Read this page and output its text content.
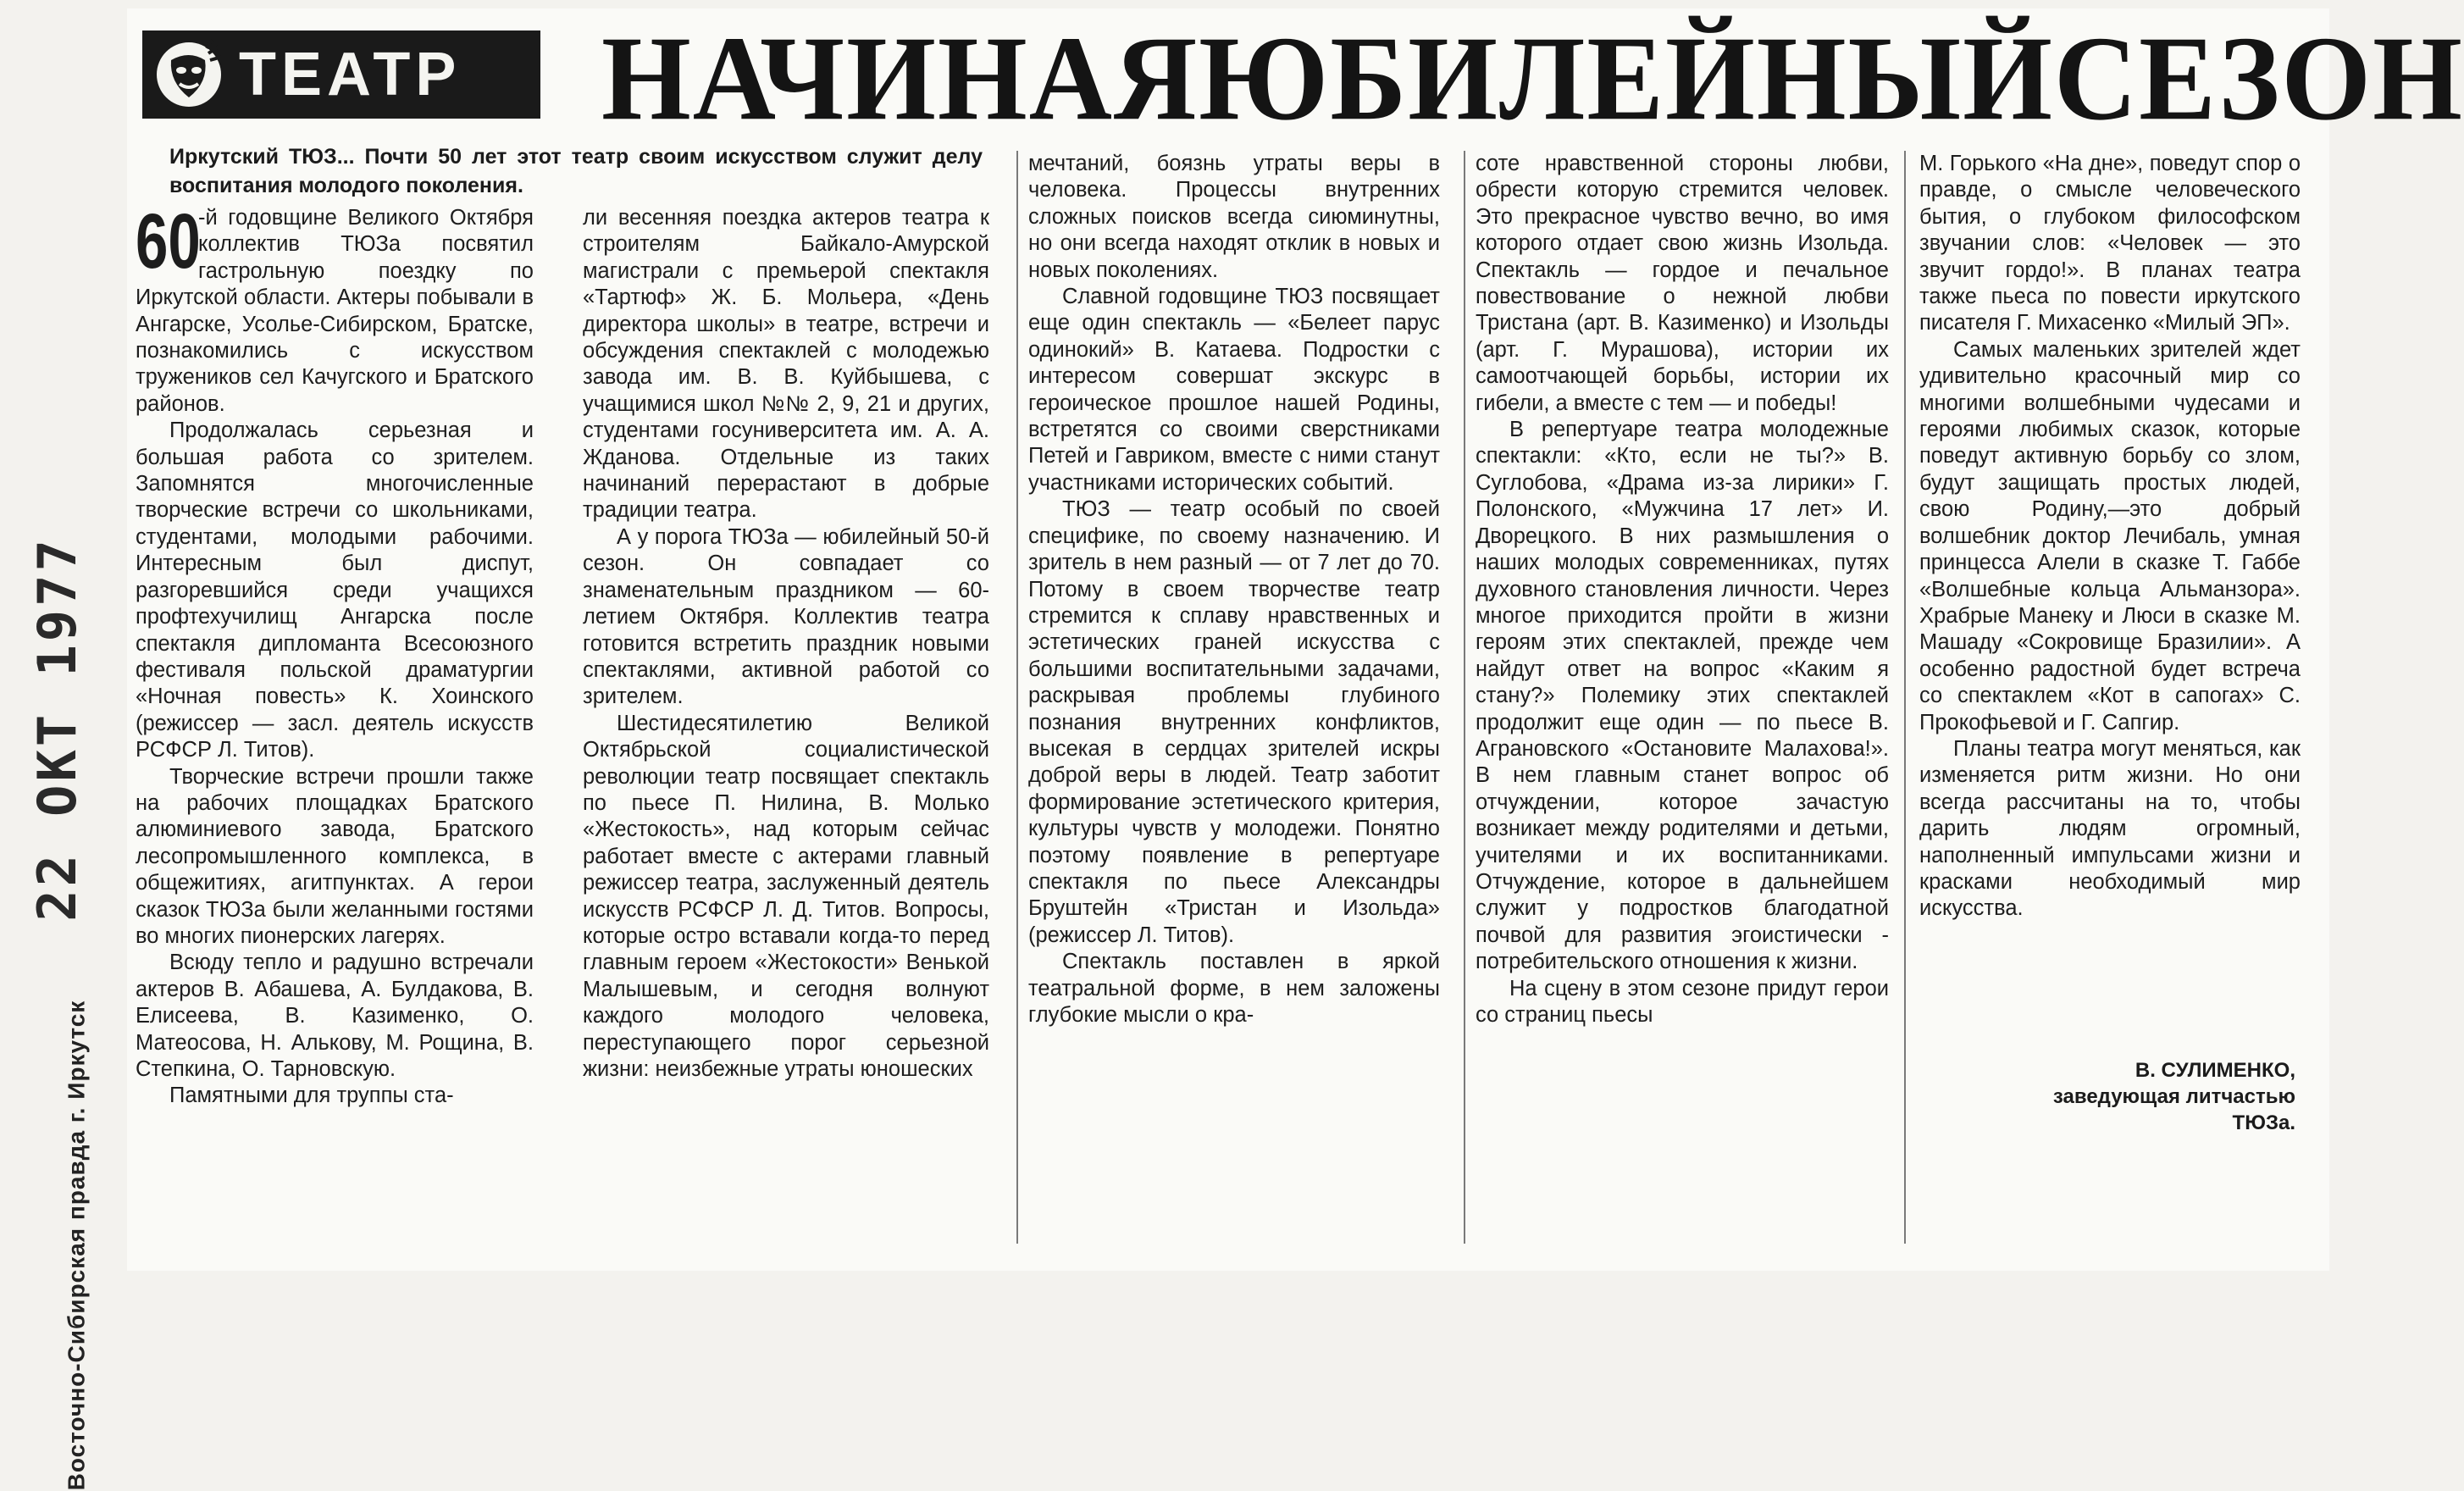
ТЕАТР НАЧИНАЯ ЮБИЛЕЙНЫЙ СЕЗОН

Иркутский ТЮЗ... Почти 50 лет этот театр своим искусством служит делу воспитания молодого поколения.

60

-й годовщине Великого Октября коллектив ТЮЗа посвятил гастрольную поездку по Иркутской области. Актеры побывали в Ангарске, Усолье-Сибирском, Братске, познакомились с искусством тружеников сел Качугского и Братского районов.

Продолжалась серьезная и большая работа со зрителем. Запомнятся многочисленные творческие встречи со школьниками, студентами, молодыми рабочими. Интересным был диспут, разгоревшийся среди учащихся профтехучилищ Ангарска после спектакля дипломанта Всесоюзного фестиваля польской драматургии «Ночная повесть» К. Хоинского (режиссер — засл. деятель искусств РСФСР Л. Титов).

Творческие встречи прошли также на рабочих площадках Братского алюминиевого завода, Братского лесопромышленного комплекса, в общежитиях, агитпунктах. А герои сказок ТЮЗа были желанными гостями во многих пионерских лагерях.

Всюду тепло и радушно встречали актеров В. Абашева, А. Булдакова, В. Елисеева, В. Казименко, О. Матеосова, Н. Алькову, М. Рощина, В. Степкина, О. Тарновскую.

Памятными для труппы ста-

ли весенняя поездка актеров театра к строителям Байкало-Амурской магистрали с премьерой спектакля «Тартюф» Ж. Б. Мольера, «День директора школы» в театре, встречи и обсуждения спектаклей с молодежью завода им. В. В. Куйбышева, с учащимися школ №№ 2, 9, 21 и других, студентами госуниверситета им. А. А. Жданова. Отдельные из таких начинаний перерастают в добрые традиции театра.

А у порога ТЮЗа — юбилейный 50-й сезон. Он совпадает со знаменательным праздником — 60-летием Октября. Коллектив театра готовится встретить праздник новыми спектаклями, активной работой со зрителем.

Шестидесятилетию Великой Октябрьской социалистической революции театр посвящает спектакль по пьесе П. Нилина, В. Молько «Жестокость», над которым сейчас работает вместе с актерами главный режиссер театра, заслуженный деятель искусств РСФСР Л. Д. Титов. Вопросы, которые остро вставали когда-то перед главным героем «Жестокости» Венькой Малышевым, и сегодня волнуют каждого молодого человека, переступающего порог серьезной жизни: неизбежные утраты юношеских

мечтаний, боязнь утраты веры в человека. Процессы внутренних сложных поисков всегда сиюминутны, но они всегда находят отклик в новых и новых поколениях.

Славной годовщине ТЮЗ посвящает еще один спектакль — «Белеет парус одинокий» В. Катаева. Подростки с интересом совершат экскурс в героическое прошлое нашей Родины, встретятся со своими сверстниками Петей и Гавриком, вместе с ними станут участниками исторических событий.

ТЮЗ — театр особый по своей специфике, по своему назначению. И зритель в нем разный — от 7 лет до 70. Потому в своем творчестве театр стремится к сплаву нравственных и эстетических граней искусства с большими воспитательными задачами, раскрывая проблемы глубиного познания внутренних конфликтов, высекая в сердцах зрителей искры доброй веры в людей. Театр заботит формирование эстетического критерия, культуры чувств у молодежи. Понятно поэтому появление в репертуаре спектакля по пьесе Александры Бруштейн «Тристан и Изольда» (режиссер Л. Титов).

Спектакль поставлен в яркой театральной форме, в нем заложены глубокие мысли о кра-

соте нравственной стороны любви, обрести которую стремится человек. Это прекрасное чувство вечно, во имя которого отдает свою жизнь Изольда. Спектакль — гордое и печальное повествование о нежной любви Тристана (арт. В. Казименко) и Изольды (арт. Г. Мурашова), истории их самоотчающей борьбы, истории их гибели, а вместе с тем — и победы!

В репертуаре театра молодежные спектакли: «Кто, если не ты?» В. Суглобова, «Драма из-за лирики» Г. Полонского, «Мужчина 17 лет» И. Дворецкого. В них размышления о наших молодых современниках, путях духовного становления личности. Через многое приходится пройти в жизни героям этих спектаклей, прежде чем найдут ответ на вопрос «Каким я стану?» Полемику этих спектаклей продолжит еще один — по пьесе В. Аграновского «Остановите Малахова!». В нем главным станет вопрос об отчуждении, которое зачастую возникает между родителями и детьми, учителями и их воспитанниками. Отчуждение, которое в дальнейшем служит у подростков благодатной почвой для развития эгоистически - потребительского отношения к жизни.

На сцену в этом сезоне придут герои со страниц пьесы

М. Горького «На дне», поведут спор о правде, о смысле человеческого бытия, о глубоком философском звучании слов: «Человек — это звучит гордо!». В планах театра также пьеса по повести иркутского писателя Г. Михасенко «Милый ЭП».

Самых маленьких зрителей ждет удивительно красочный мир со многими волшебными чудесами и героями любимых сказок, которые поведут активную борьбу со злом, будут защищать простых людей, свою Родину,—это добрый волшебник доктор Лечибаль, умная принцесса Алели в сказке Т. Габбе «Волшебные кольца Альманзора». Храбрые Манеку и Люси в сказке М. Машаду «Сокровище Бразилии». А особенно радостной будет встреча со спектаклем «Кот в сапогах» С. Прокофьевой и Г. Сапгир.

Планы театра могут меняться, как изменяется ритм жизни. Но они всегда рассчитаны на то, чтобы дарить людям огромный, наполненный импульсами жизни и красками необходимый мир искусства.

В. СУЛИМЕНКО,
заведующая литчастью
ТЮЗа.
22 ОКТ 1977
Восточно-Сибирская правда г. Иркутск
